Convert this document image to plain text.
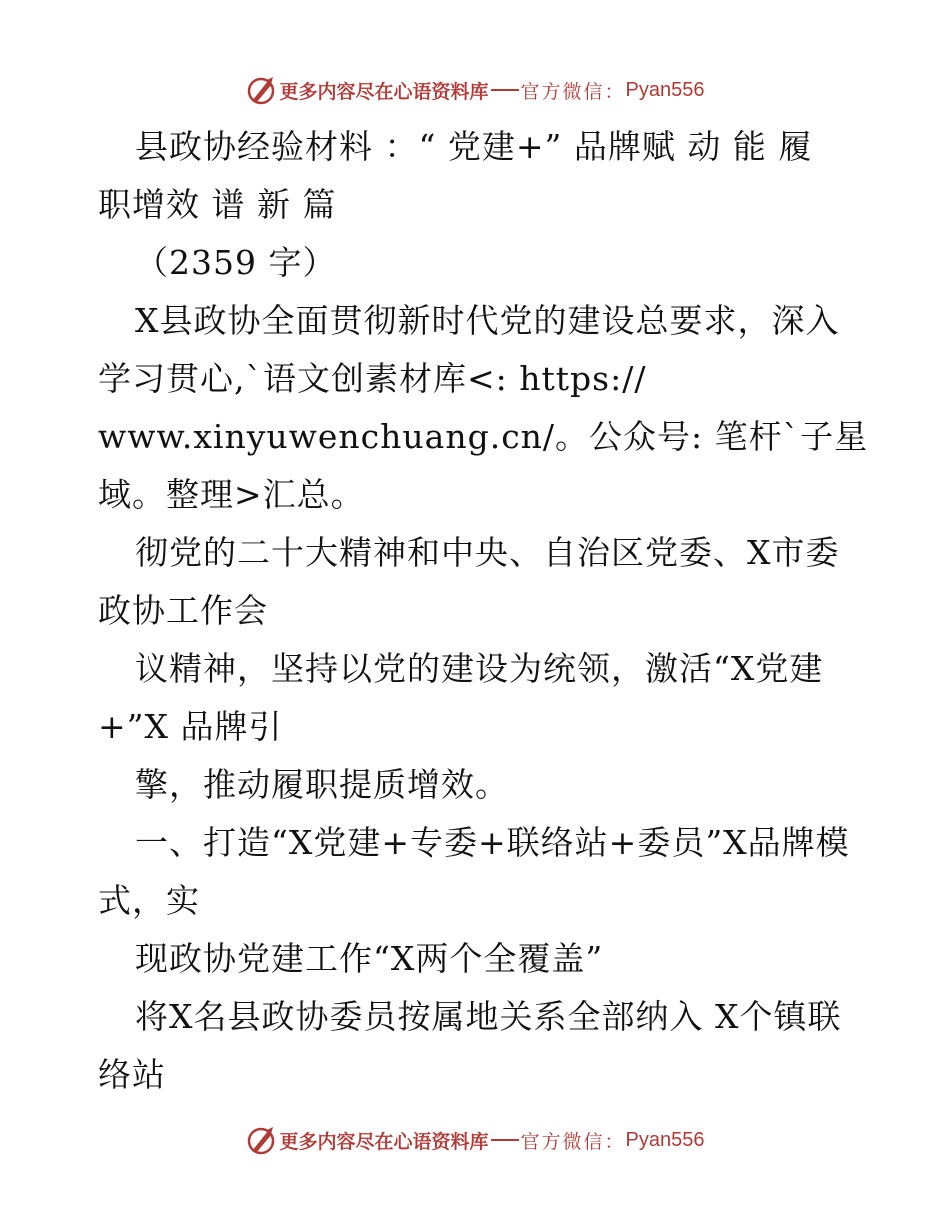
更多内容尽在心语资料库 官方微信： Pyan556
县政协经验材料 ：“ 党建+” 品牌赋 动 能 履
职增效 谱 新 篇
（2359 字）
X县政协全面贯彻新时代党的建设总要求，深入
学习贯心,`语文创素材库<: https://
www.xinyuwenchuang.cn/。公众号: 笔杆`子星
域。整理>汇总。
彻党的二十大精神和中央、自治区党委、X市委
政协工作会
议精神，坚持以党的建设为统领，激活“X党建
+”X 品牌引
擎，推动履职提质增效。
一、打造“X党建+专委+联络站+委员”X品牌模
式，实
现政协党建工作“X两个全覆盖”
将X名县政协委员按属地关系全部纳入 X个镇联
络站
更多内容尽在心语资料库 官方微信： Pyan556
